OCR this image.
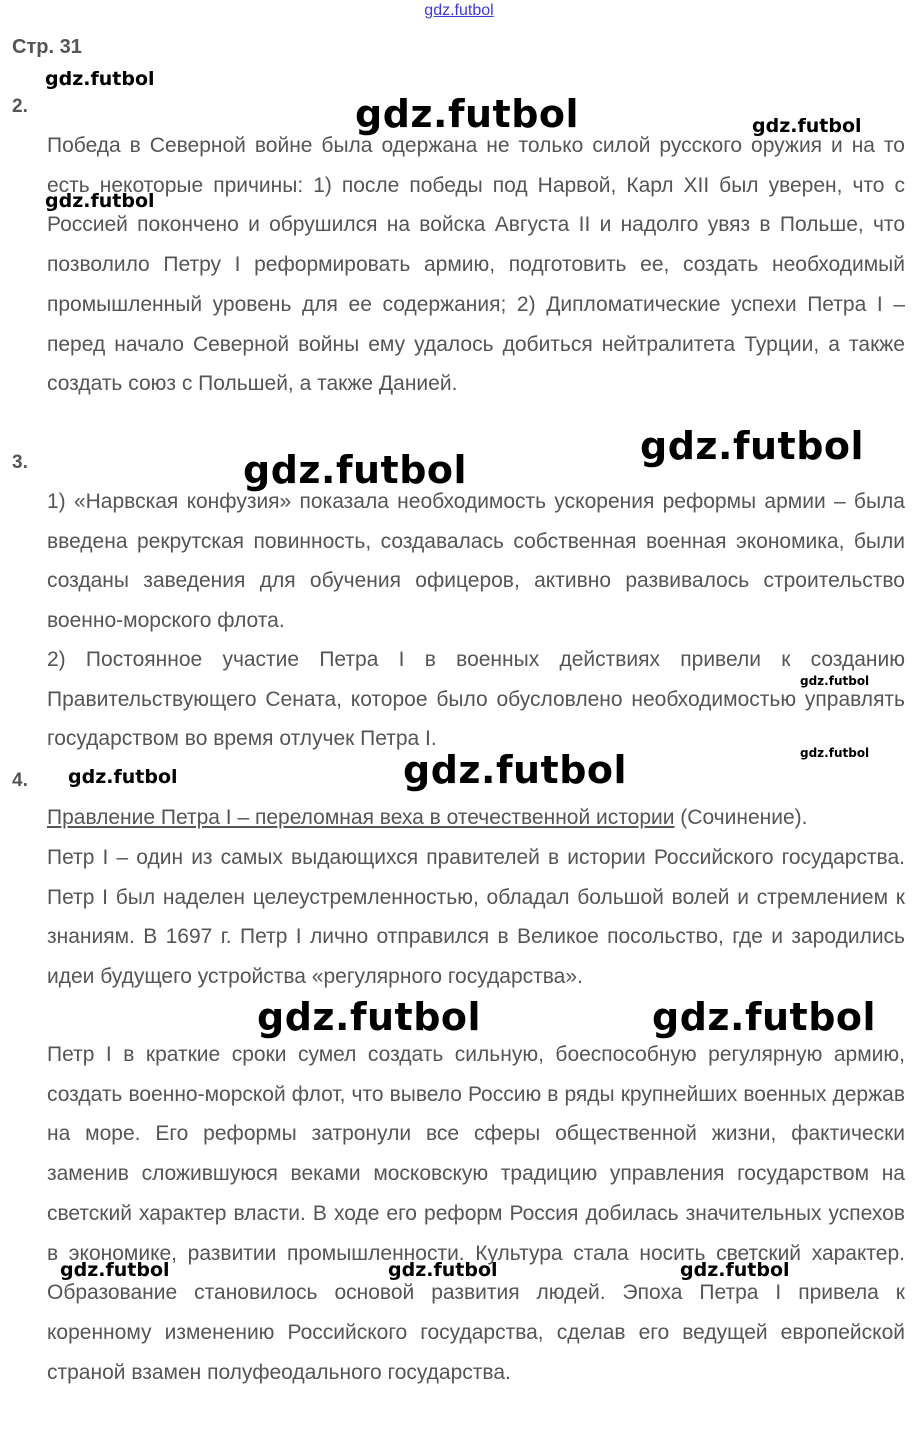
gdz.futbol
Стр. 31
2.

Победа в Северной войне была одержана не только силой русского оружия и на то есть некоторые причины: 1) после победы под Нарвой, Карл XII был уверен, что с Россией покончено и обрушился на войска Августа II и надолго увяз в Польше, что позволило Петру I реформировать армию, подготовить ее, создать необходимый промышленный уровень для ее содержания; 2) Дипломатические успехи Петра I – перед начало Северной войны ему удалось добиться нейтралитета Турции, а также создать союз с Польшей, а также Данией.

3.

1) «Нарвская конфузия» показала необходимость ускорения реформы армии – была введена рекрутская повинность, создавалась собственная военная экономика, были созданы заведения для обучения офицеров, активно развивалось строительство военно-морского флота.

2) Постоянное участие Петра I в военных действиях привели к созданию Правительствующего Сената, которое было обусловлено необходимостью управлять государством во время отлучек Петра I.

4.

Правление Петра I – переломная веха в отечественной истории (Сочинение).

Петр I – один из самых выдающихся правителей в истории Российского государства. Петр I был наделен целеустремленностью, обладал большой волей и стремлением к знаниям. В 1697 г. Петр I лично отправился в Великое посольство, где и зародились идеи будущего устройства «регулярного государства».

Петр I в краткие сроки сумел создать сильную, боеспособную регулярную армию, создать военно-морской флот, что вывело Россию в ряды крупнейших военных держав на море. Его реформы затронули все сферы общественной жизни, фактически заменив сложившуюся веками московскую традицию управления государством на светский характер власти. В ходе его реформ Россия добилась значительных успехов в экономике, развитии промышленности. Культура стала носить светский характер. Образование становилось основой развития людей. Эпоха Петра I привела к коренному изменению Российского государства, сделав его ведущей европейской страной взамен полуфеодального государства.

gdz.futbol
gdz.futbol	gdz.futbol
gdz.futbol
gdz.futbol
gdz.futbol
gdz.futbol
gdz.futbol
gdz.futbol	gdz.futbol
gdz.futbol	gdz.futbol
gdz.futbol	gdz.futbol	gdz.futbol
